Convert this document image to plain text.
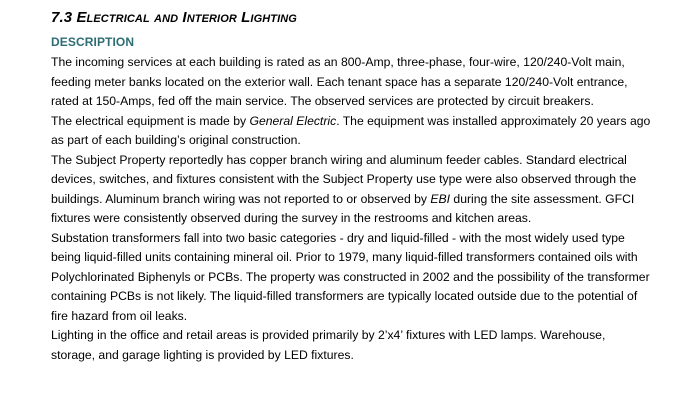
7.3 Electrical and Interior Lighting
DESCRIPTION

The incoming services at each building is rated as an 800-Amp, three-phase, four-wire, 120/240-Volt main, feeding meter banks located on the exterior wall. Each tenant space has a separate 120/240-Volt entrance, rated at 150-Amps, fed off the main service. The observed services are protected by circuit breakers.

The electrical equipment is made by General Electric. The equipment was installed approximately 20 years ago as part of each building’s original construction.

The Subject Property reportedly has copper branch wiring and aluminum feeder cables. Standard electrical devices, switches, and fixtures consistent with the Subject Property use type were also observed through the buildings. Aluminum branch wiring was not reported to or observed by EBI during the site assessment. GFCI fixtures were consistently observed during the survey in the restrooms and kitchen areas.

Substation transformers fall into two basic categories - dry and liquid-filled - with the most widely used type being liquid-filled units containing mineral oil. Prior to 1979, many liquid-filled transformers contained oils with Polychlorinated Biphenyls or PCBs. The property was constructed in 2002 and the possibility of the transformer containing PCBs is not likely. The liquid-filled transformers are typically located outside due to the potential of fire hazard from oil leaks.

Lighting in the office and retail areas is provided primarily by 2’x4’ fixtures with LED lamps. Warehouse, storage, and garage lighting is provided by LED fixtures.
